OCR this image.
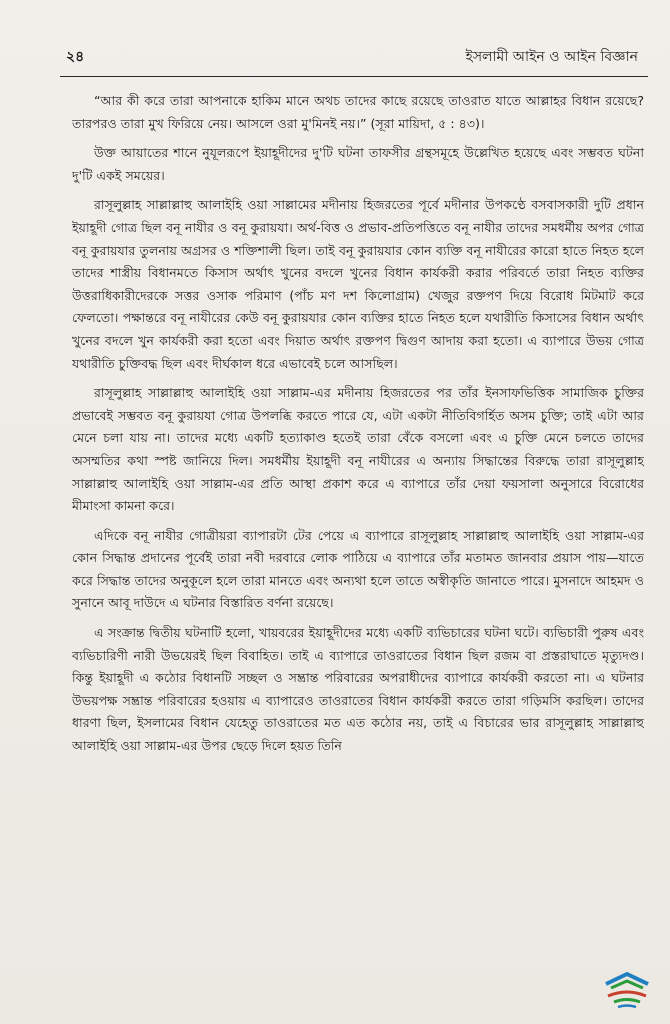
২৪	ইসলামী আইন ও আইন বিজ্ঞান

“আর কী করে তারা আপনাকে হাকিম মানে অথচ তাদের কাছে রয়েছে তাওরাত যাতে আল্লাহর বিধান রয়েছে? তারপরও তারা মুখ ফিরিয়ে নেয়। আসলে ওরা মু'মিনই নয়।” (সূরা মায়িদা, ৫ : ৪৩)।

উক্ত আয়াতের শানে নুযূলরূপে ইয়াহূদীদের দু'টি ঘটনা তাফসীর গ্রন্থসমূহে উল্লেখিত হয়েছে এবং সম্ভবত ঘটনা দু'টি একই সময়ের।

রাসূলুল্লাহ সাল্লাল্লাহু আলাইহি ওয়া সাল্লামের মদীনায় হিজরতের পূর্বে মদীনার উপকণ্ঠে বসবাসকারী দুটি প্রধান ইয়াহূদী গোত্র ছিল বনূ নাযীর ও বনূ কুরায়যা। অর্থ-বিত্ত ও প্রভাব-প্রতিপত্তিতে বনূ নাযীর তাদের সমধর্মীয় অপর গোত্র বনূ কুরায়যার তুলনায় অগ্রসর ও শক্তিশালী ছিল। তাই বনূ কুরায়যার কোন ব্যক্তি বনূ নাযীরের কারো হাতে নিহত হলে তাদের শাস্ত্রীয় বিধানমতে কিসাস অর্থাৎ খুনের বদলে খুনের বিধান কার্যকরী করার পরিবর্তে তারা নিহত ব্যক্তির উত্তরাধিকারীদেরকে সত্তর ওসাক পরিমাণ (পাঁচ মণ দশ কিলোগ্রাম) খেজুর রক্তপণ দিয়ে বিরোধ মিটমাট করে ফেলতো। পক্ষান্তরে বনূ নাযীরের কেউ বনূ কুরায়যার কোন ব্যক্তির হাতে নিহত হলে যথারীতি কিসাসের বিধান অর্থাৎ খুনের বদলে খুন কার্যকরী করা হতো এবং দিয়াত অর্থাৎ রক্তপণ দ্বিগুণ আদায় করা হতো। এ ব্যাপারে উভয় গোত্র যথারীতি চুক্তিবদ্ধ ছিল এবং দীর্ঘকাল ধরে এভাবেই চলে আসছিল।

রাসূলুল্লাহ সাল্লাল্লাহু আলাইহি ওয়া সাল্লাম-এর মদীনায় হিজরতের পর তাঁর ইনসাফভিত্তিক সামাজিক চুক্তির প্রভাবেই সম্ভবত বনূ কুরায়যা গোত্র উপলব্ধি করতে পারে যে, এটা একটা নীতিবিগর্হিত অসম চুক্তি; তাই এটা আর মেনে চলা যায় না। তাদের মধ্যে একটি হত্যাকাণ্ড হতেই তারা বেঁকে বসলো এবং এ চুক্তি মেনে চলতে তাদের অসম্মতির কথা স্পষ্ট জানিয়ে দিল। সমধর্মীয় ইয়াহূদী বনূ নাযীরের এ অন্যায় সিদ্ধান্তের বিরুদ্ধে তারা রাসূলুল্লাহ সাল্লাল্লাহু আলাইহি ওয়া সাল্লাম-এর প্রতি আস্থা প্রকাশ করে এ ব্যাপারে তাঁর দেয়া ফয়সালা অনুসারে বিরোধের মীমাংসা কামনা করে।

এদিকে বনূ নাযীর গোত্রীয়রা ব্যাপারটা টের পেয়ে এ ব্যাপারে রাসূলুল্লাহ সাল্লাল্লাহু আলাইহি ওয়া সাল্লাম-এর কোন সিদ্ধান্ত প্রদানের পূর্বেই তারা নবী দরবারে লোক পাঠিয়ে এ ব্যাপারে তাঁর মতামত জানবার প্রয়াস পায়—যাতে করে সিদ্ধান্ত তাদের অনুকূলে হলে তারা মানতে এবং অন্যথা হলে তাতে অস্বীকৃতি জানাতে পারে। মুসনাদে আহমদ ও সুনানে আবূ দাউদে এ ঘটনার বিস্তারিত বর্ণনা রয়েছে।

এ সংক্রান্ত দ্বিতীয় ঘটনাটি হলো, খায়বরের ইয়াহূদীদের মধ্যে একটি ব্যভিচারের ঘটনা ঘটে। ব্যভিচারী পুরুষ এবং ব্যভিচারিণী নারী উভয়েরই ছিল বিবাহিত। তাই এ ব্যাপারে তাওরাতের বিধান ছিল রজম বা প্রস্তরাঘাতে মৃত্যুদণ্ড। কিন্তু ইয়াহূদী এ কঠোর বিধানটি সচ্ছল ও সম্ভ্রান্ত পরিবারের অপরাধীদের ব্যাপারে কার্যকরী করতো না। এ ঘটনার উভয়পক্ষ সম্ভ্রান্ত পরিবারের হওয়ায় এ ব্যাপারেও তাওরাতের বিধান কার্যকরী করতে তারা গড়িমসি করছিল। তাদের ধারণা ছিল, ইসলামের বিধান যেহেতু তাওরাতের মত এত কঠোর নয়, তাই এ বিচারের ভার রাসূলুল্লাহ সাল্লাল্লাহু আলাইহি ওয়া সাল্লাম-এর উপর ছেড়ে দিলে হয়ত তিনি
